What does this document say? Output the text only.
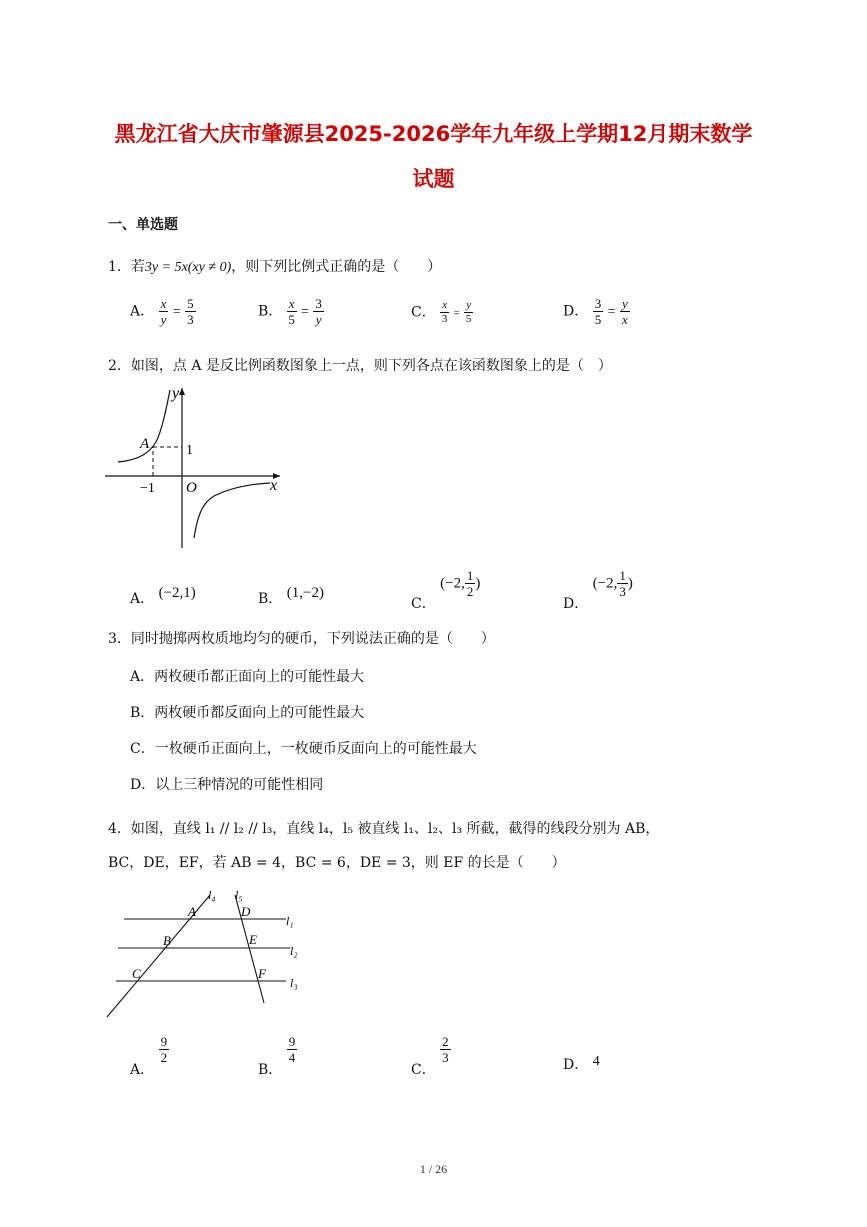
黑龙江省大庆市肇源县2025-2026学年九年级上学期12月期末数学
试题
一、单选题
1．若3y = 5x(xy ≠ 0)，则下列比例式正确的是（　　）
A． $\frac{x}{y} = \frac{5}{3}$	B． $\frac{x}{5} = \frac{3}{y}$	C． $\frac{x}{3} = \frac{y}{5}$	D． $\frac{3}{5} = \frac{y}{x}$
2．如图，点 A 是反比例函数图象上一点，则下列各点在该函数图象上的是（　）
y
x
A	1
−1 O
A． (−2,1)	B． (1,−2)
C． (−2, $\frac{1}{2}$ )
D． (−2, $\frac{1}{3}$ )
3．同时抛掷两枚质地均匀的硬币，下列说法正确的是（　　）
A．两枚硬币都正面向上的可能性最大
B．两枚硬币都反面向上的可能性最大
C．一枚硬币正面向上，一枚硬币反面向上的可能性最大
D．以上三种情况的可能性相同
4．如图，直线 l₁ // l₂ // l₃，直线 l₄，l₅ 被直线 l₁、l₂、l₃ 所截，截得的线段分别为 AB，
BC，DE，EF，若 AB = 4，BC = 6，DE = 3，则 EF 的长是（　　）
l₄ l₅
l₁
l₂
l₃
A
B
C
D
E
F
A．
$\frac{9}{2}$
B．
$\frac{9}{4}$
C．
$\frac{2}{3}$	D． 4
1 / 26
